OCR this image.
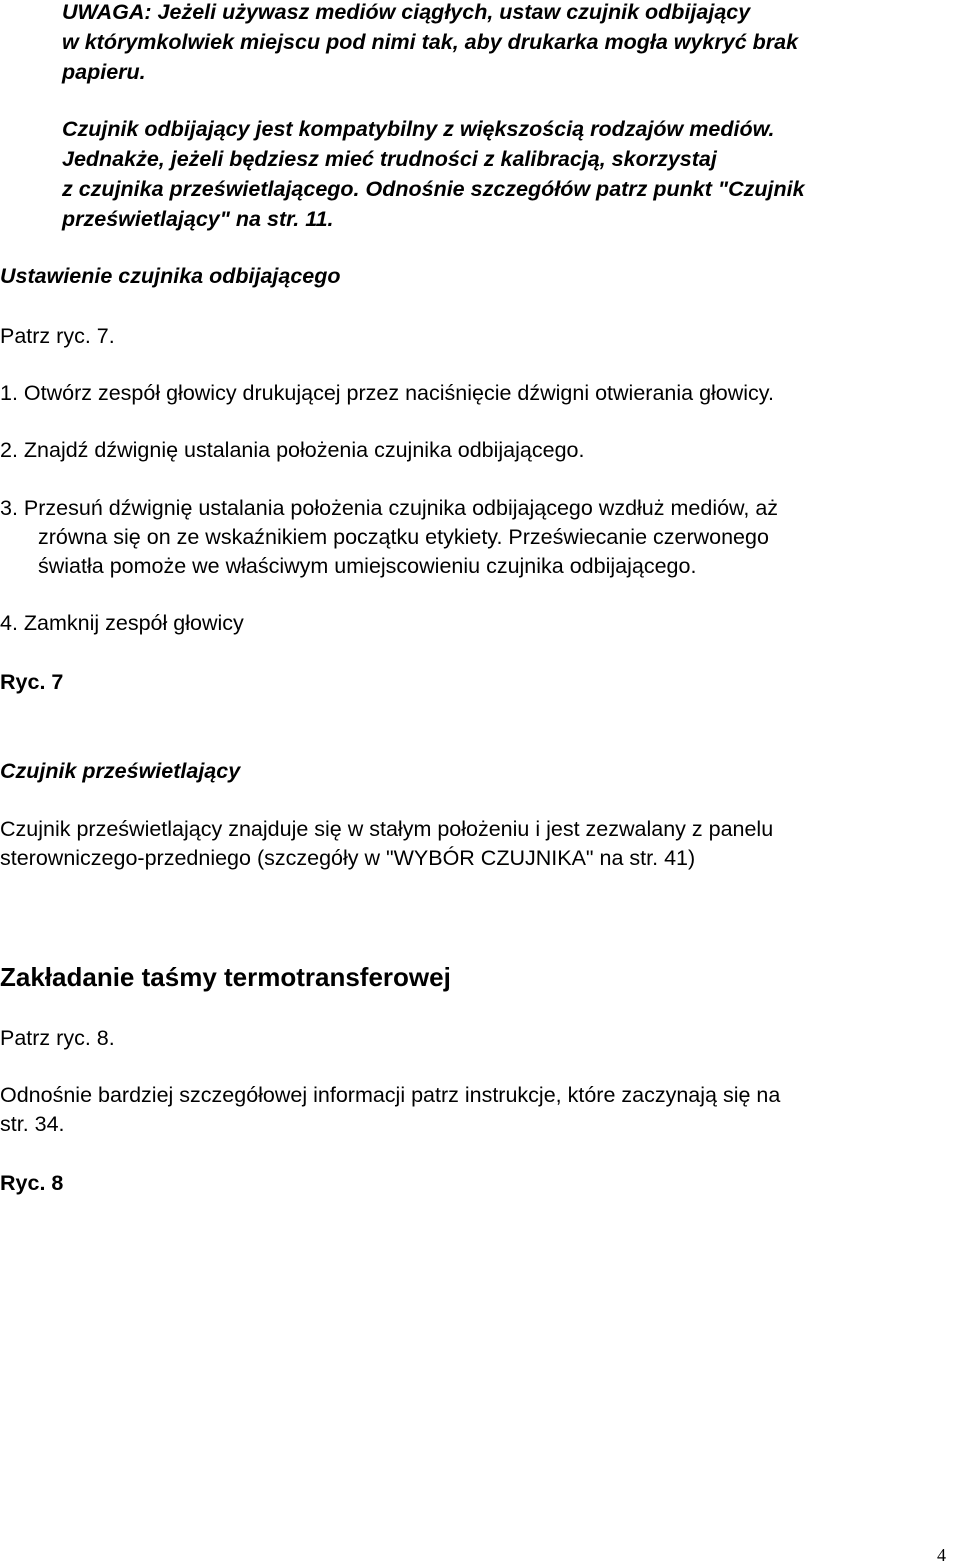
UWAGA: Jeżeli używasz mediów ciągłych, ustaw czujnik odbijający
w którymkolwiek miejscu pod nimi tak, aby drukarka mogła wykryć brak
papieru.
Czujnik odbijający jest kompatybilny z większością rodzajów mediów.
Jednakże, jeżeli będziesz mieć trudności z kalibracją, skorzystaj
z czujnika prześwietlającego. Odnośnie szczegółów patrz punkt "Czujnik
prześwietlający" na str. 11.
Ustawienie czujnika odbijającego
Patrz ryc. 7.
1. Otwórz zespół głowicy drukującej przez naciśnięcie dźwigni otwierania głowicy.
2. Znajdź dźwignię ustalania położenia czujnika odbijającego.
3. Przesuń dźwignię ustalania położenia czujnika odbijającego wzdłuż mediów, aż
zrówna się on ze wskaźnikiem początku etykiety. Przeświecanie czerwonego
światła pomoże we właściwym umiejscowieniu czujnika odbijającego.
4. Zamknij zespół głowicy
Ryc. 7
Czujnik prześwietlający
Czujnik prześwietlający znajduje się w stałym położeniu i jest zezwalany z panelu
sterowniczego-przedniego (szczegóły w "WYBÓR CZUJNIKA" na str. 41)
Zakładanie taśmy termotransferowej
Patrz ryc. 8.
Odnośnie bardziej szczegółowej informacji patrz instrukcje, które zaczynają się na
str. 34.
Ryc. 8
4
